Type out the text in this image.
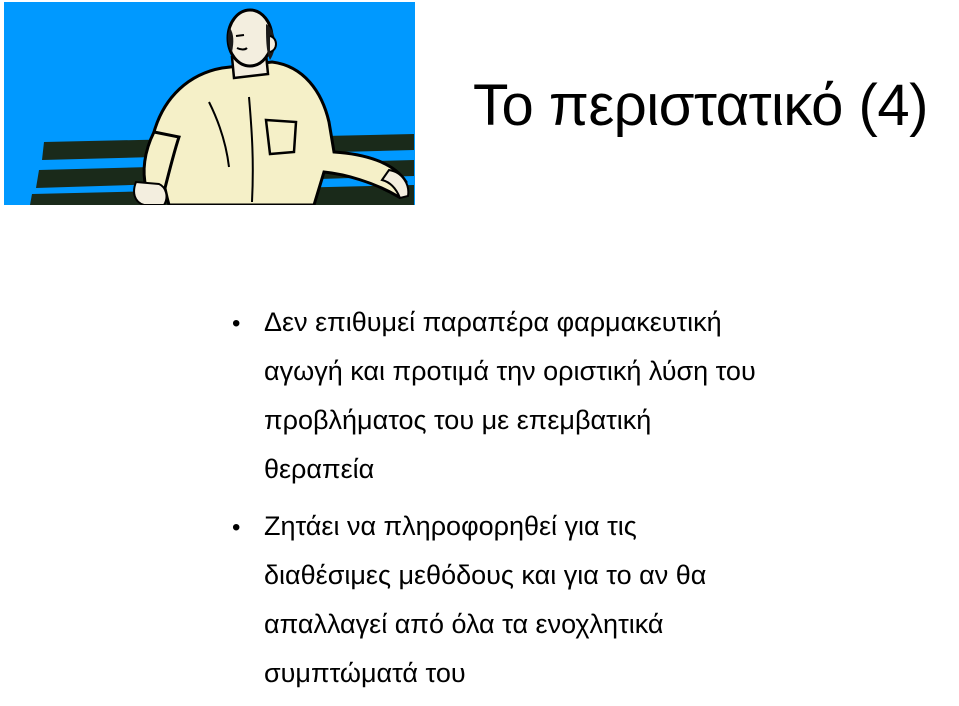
Το περιστατικό (4)
• Δεν επιθυμεί παραπέρα φαρμακευτική
αγωγή και προτιμά την οριστική λύση του
προβλήματος του με επεμβατική
θεραπεία
• Ζητάει να πληροφορηθεί για τις
διαθέσιμες μεθόδους και για το αν θα
απαλλαγεί από όλα τα ενοχλητικά
συμπτώματά του
